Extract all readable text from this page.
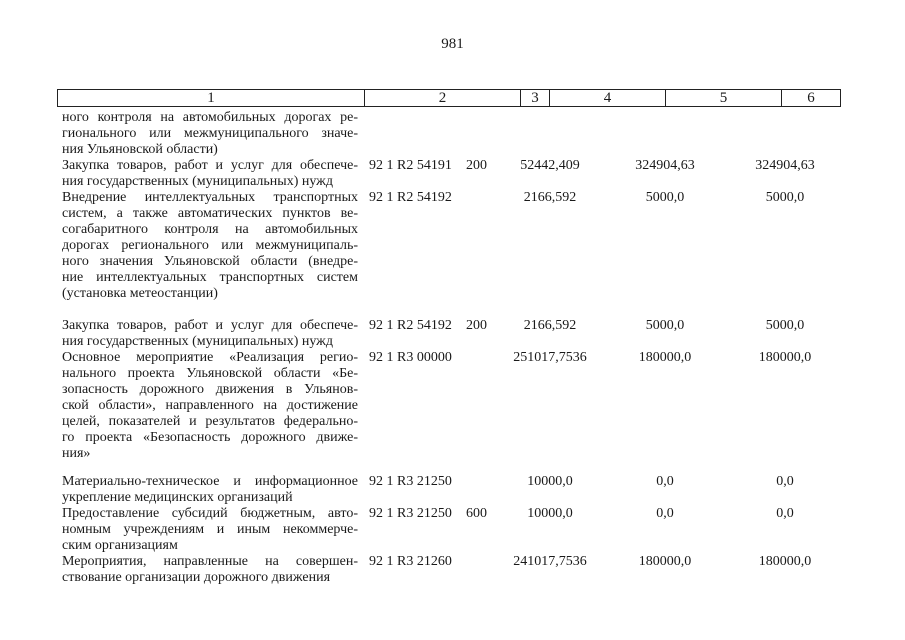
981
1	2	3	4	5	6
ного контроля на автомобильных дорогах ре-
гионального или межмуниципального значе-
ния Ульяновской области)
Закупка товаров, работ и услуг для обеспече-
ния государственных (муниципальных) нужд
92 1 R2 54191 200	52442,409	324904,63	324904,63
Внедрение интеллектуальных транспортных
систем, а также автоматических пунктов ве-
согабаритного контроля на автомобильных
дорогах регионального или межмуниципаль-
ного значения Ульяновской области (внедре-
ние интеллектуальных транспортных систем
(установка метеостанции)
92 1 R2 54192	2166,592	5000,0	5000,0
Закупка товаров, работ и услуг для обеспече-
ния государственных (муниципальных) нужд
92 1 R2 54192 200	2166,592	5000,0	5000,0
Основное мероприятие «Реализация регио-
нального проекта Ульяновской области «Бе-
зопасность дорожного движения в Ульянов-
ской области», направленного на достижение
целей, показателей и результатов федерально-
го проекта «Безопасность дорожного движе-
ния»
92 1 R3 00000	251017,7536	180000,0	180000,0
Материально-техническое и информационное
укрепление медицинских организаций
92 1 R3 21250	10000,0	0,0	0,0
Предоставление субсидий бюджетным, авто-
номным учреждениям и иным некоммерче-
ским организациям
92 1 R3 21250 600	10000,0	0,0	0,0
Мероприятия, направленные на совершен-
ствование организации дорожного движения
92 1 R3 21260	241017,7536	180000,0	180000,0
